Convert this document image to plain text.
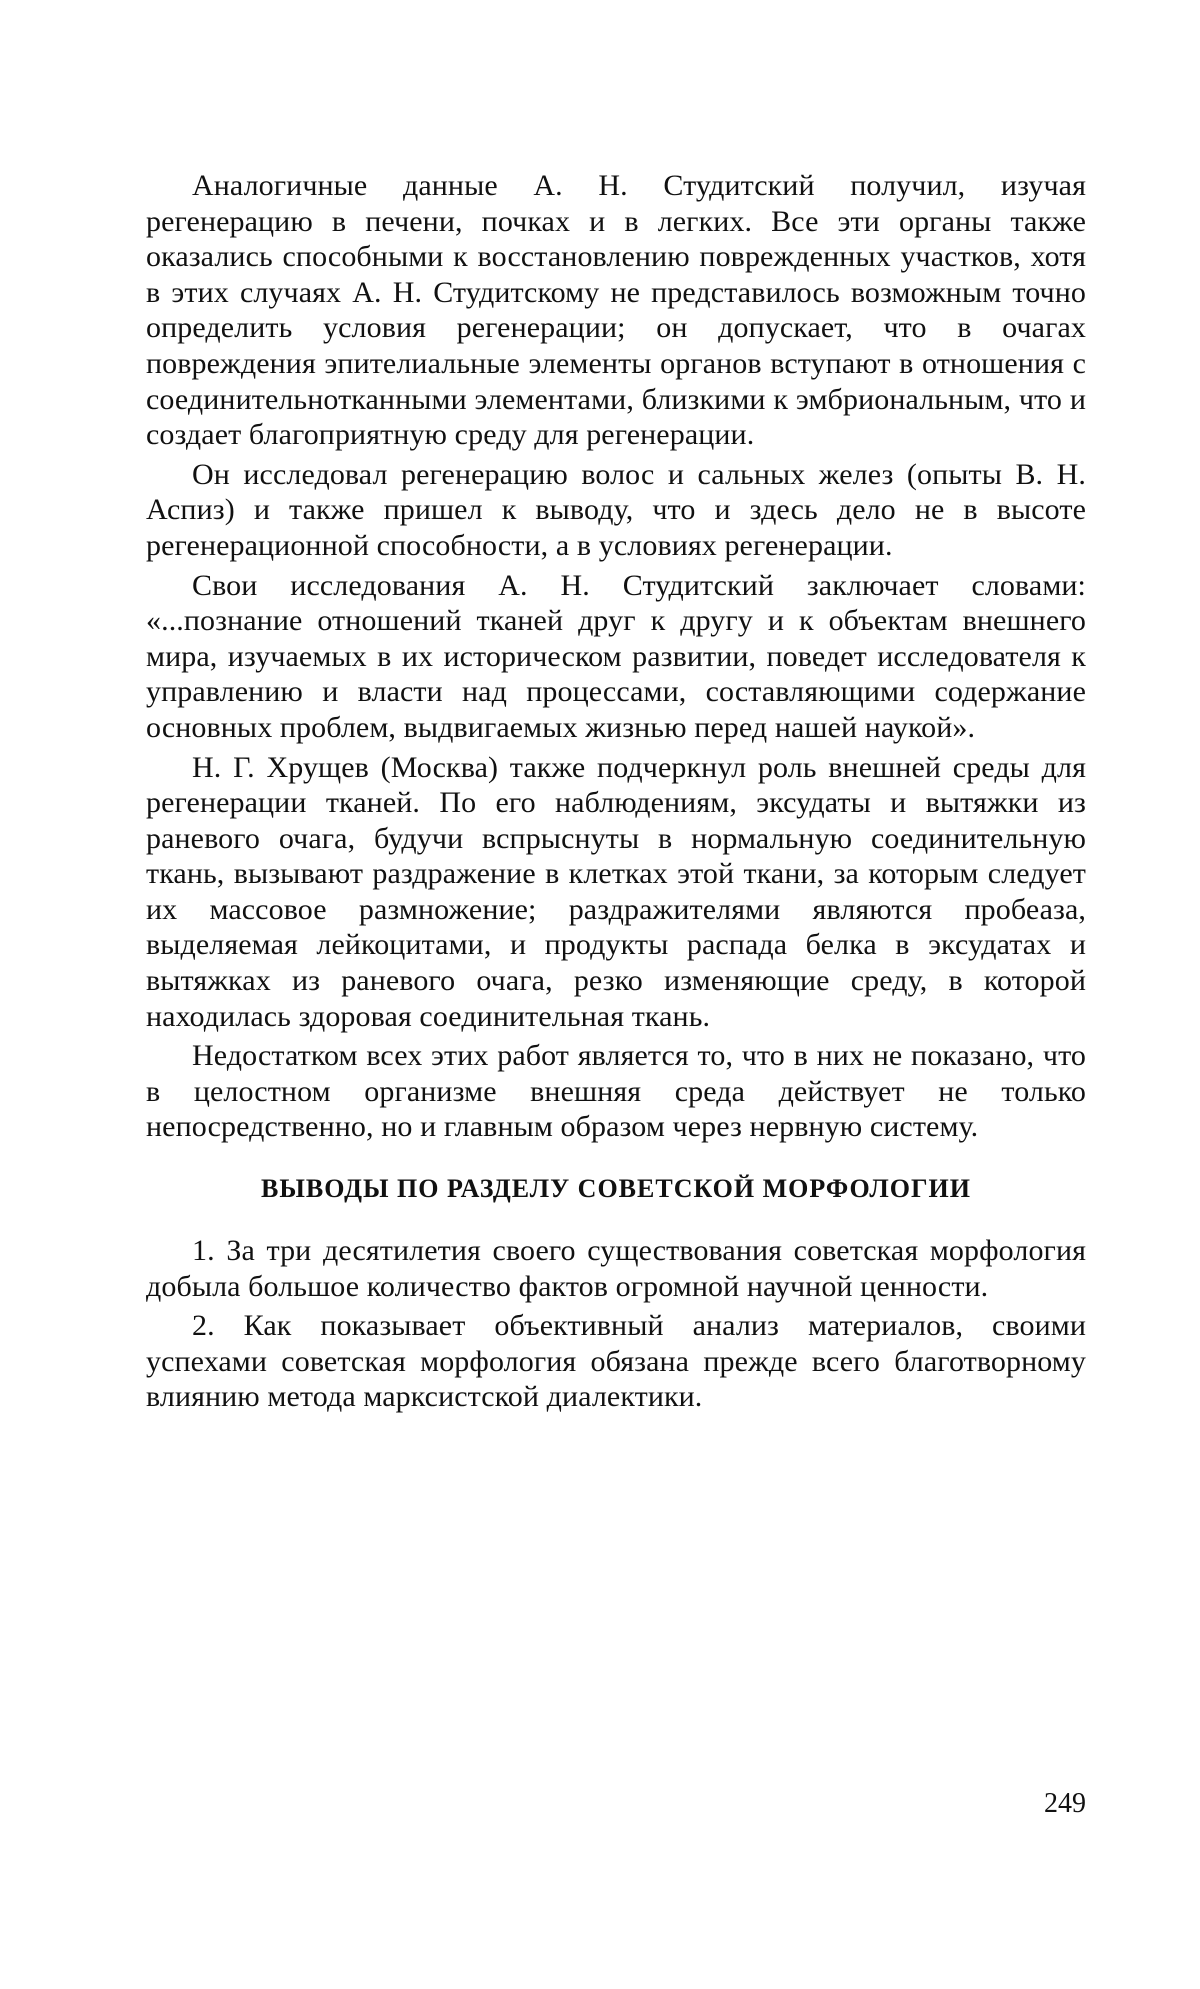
Аналогичные данные А. Н. Студитский получил, изучая регенерацию в печени, почках и в легких. Все эти органы также оказались способными к восстановлению поврежденных участков, хотя в этих случаях А. Н. Студитскому не представилось возможным точно определить условия регенерации; он допускает, что в очагах повреждения эпителиальные элементы органов вступают в отношения с соединительнотканными элементами, близкими к эмбриональным, что и создает благоприятную среду для регенерации.

Он исследовал регенерацию волос и сальных желез (опыты В. Н. Аспиз) и также пришел к выводу, что и здесь дело не в высоте регенерационной способности, а в условиях регенерации.

Свои исследования А. Н. Студитский заключает словами: «...познание отношений тканей друг к другу и к объектам внешнего мира, изучаемых в их историческом развитии, поведет исследователя к управлению и власти над процессами, составляющими содержание основных проблем, выдвигаемых жизнью перед нашей наукой».

Н. Г. Хрущев (Москва) также подчеркнул роль внешней среды для регенерации тканей. По его наблюдениям, эксудаты и вытяжки из раневого очага, будучи вспрыснуты в нормальную соединительную ткань, вызывают раздражение в клетках этой ткани, за которым следует их массовое размножение; раздражителями являются пробеаза, выделяемая лейкоцитами, и продукты распада белка в эксудатах и вытяжках из раневого очага, резко изменяющие среду, в которой находилась здоровая соединительная ткань.

Недостатком всех этих работ является то, что в них не показано, что в целостном организме внешняя среда действует не только непосредственно, но и главным образом через нервную систему.

ВЫВОДЫ ПО РАЗДЕЛУ СОВЕТСКОЙ МОРФОЛОГИИ

1. За три десятилетия своего существования советская морфология добыла большое количество фактов огромной научной ценности.

2. Как показывает объективный анализ материалов, своими успехами советская морфология обязана прежде всего благотворному влиянию метода марксистской диалектики.

249
